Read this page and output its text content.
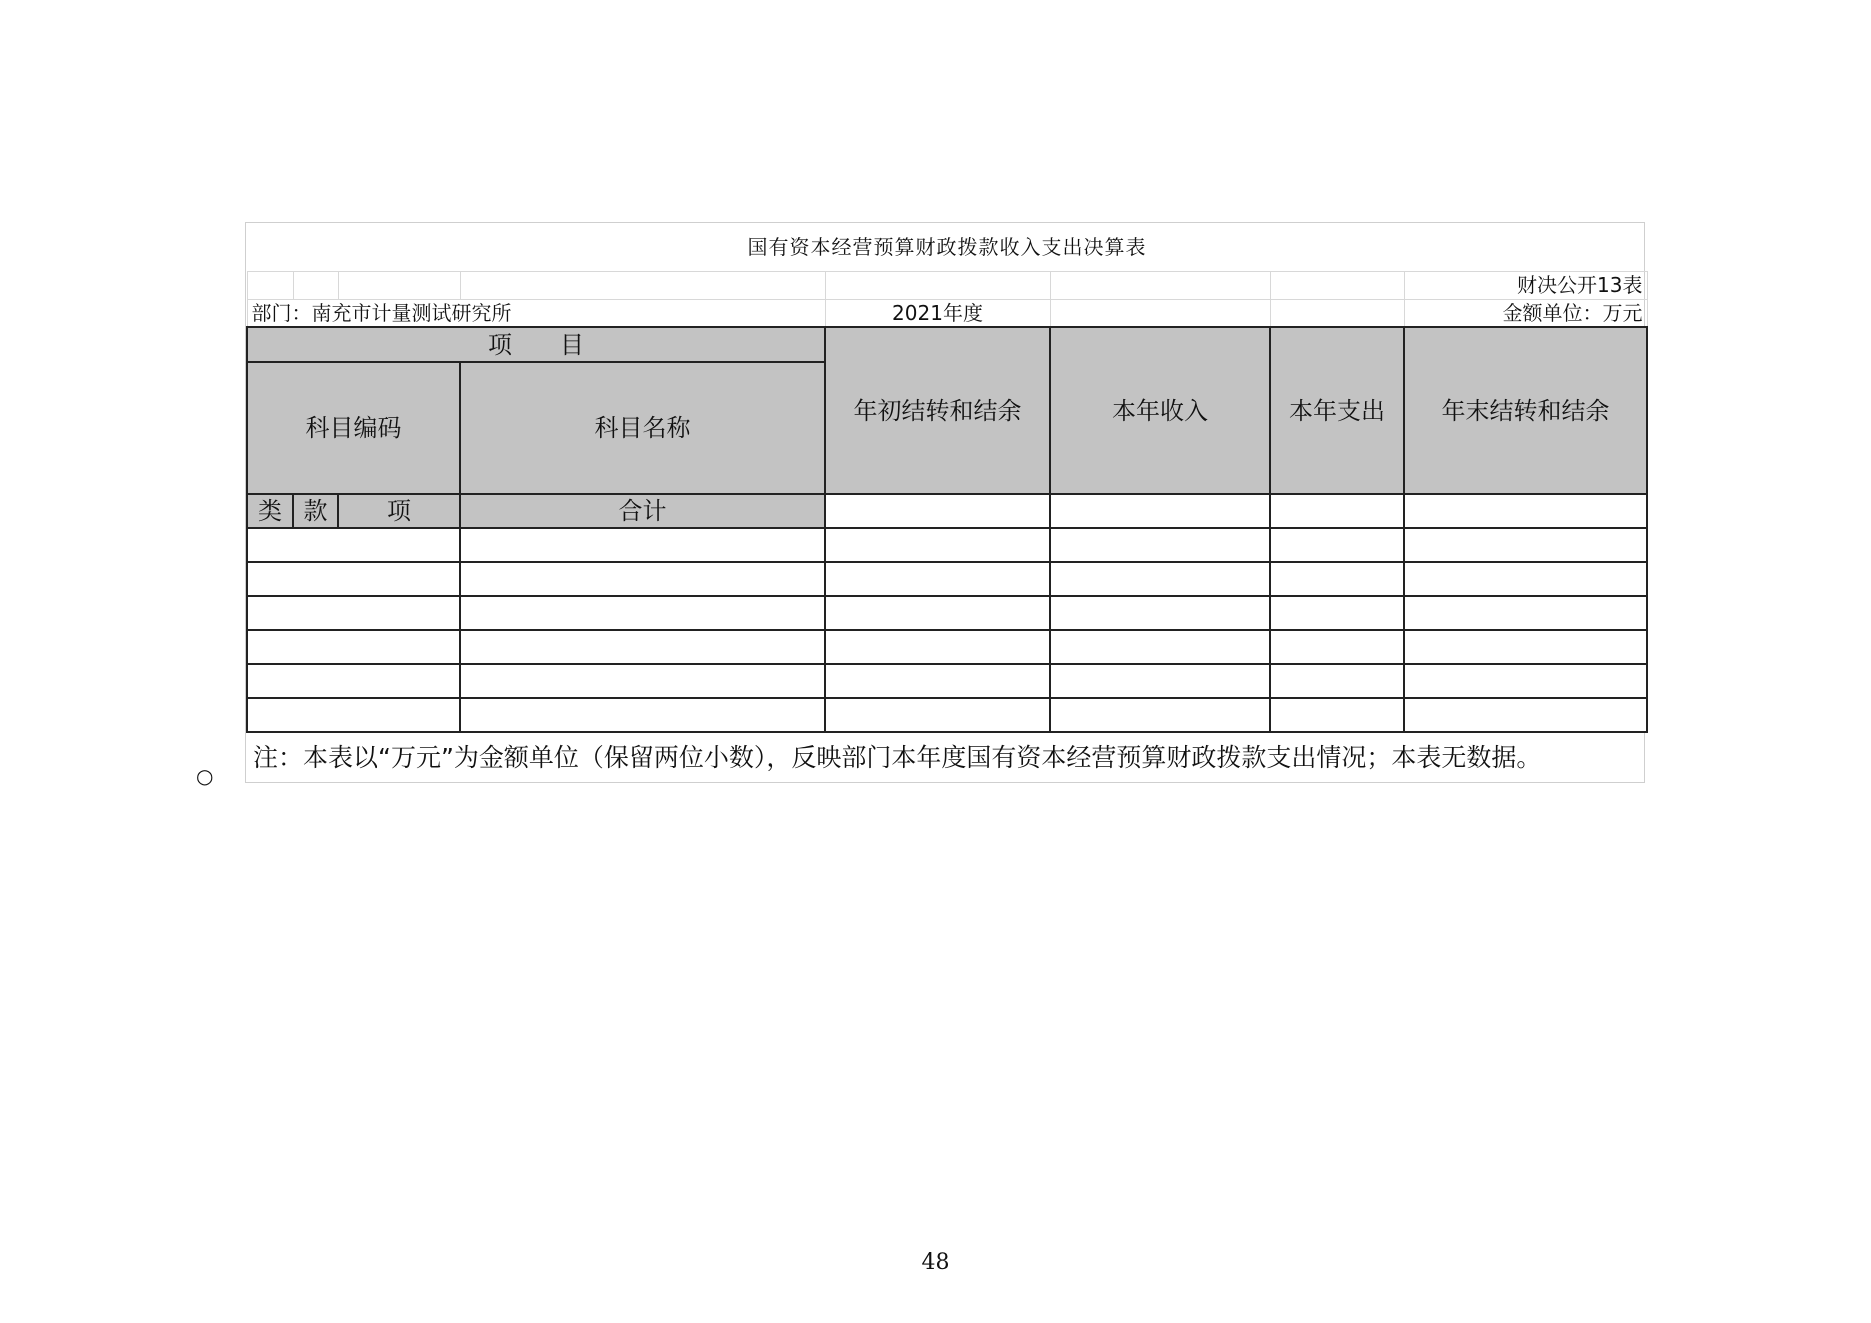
国有资本经营预算财政拨款收入支出决算表							
							财决公开13表
部门：南充市计量测试研究所				2021年度			金额单位：万元
项　　目				年初结转和结余	本年收入	本年支出	年末结转和结余
科目编码			科目名称				
类	款	项	合计				

注：本表以“万元”为金额单位（保留两位小数），反映部门本年度国有资本经营预算财政拨款支出情况；本表无数据。							
○
48
